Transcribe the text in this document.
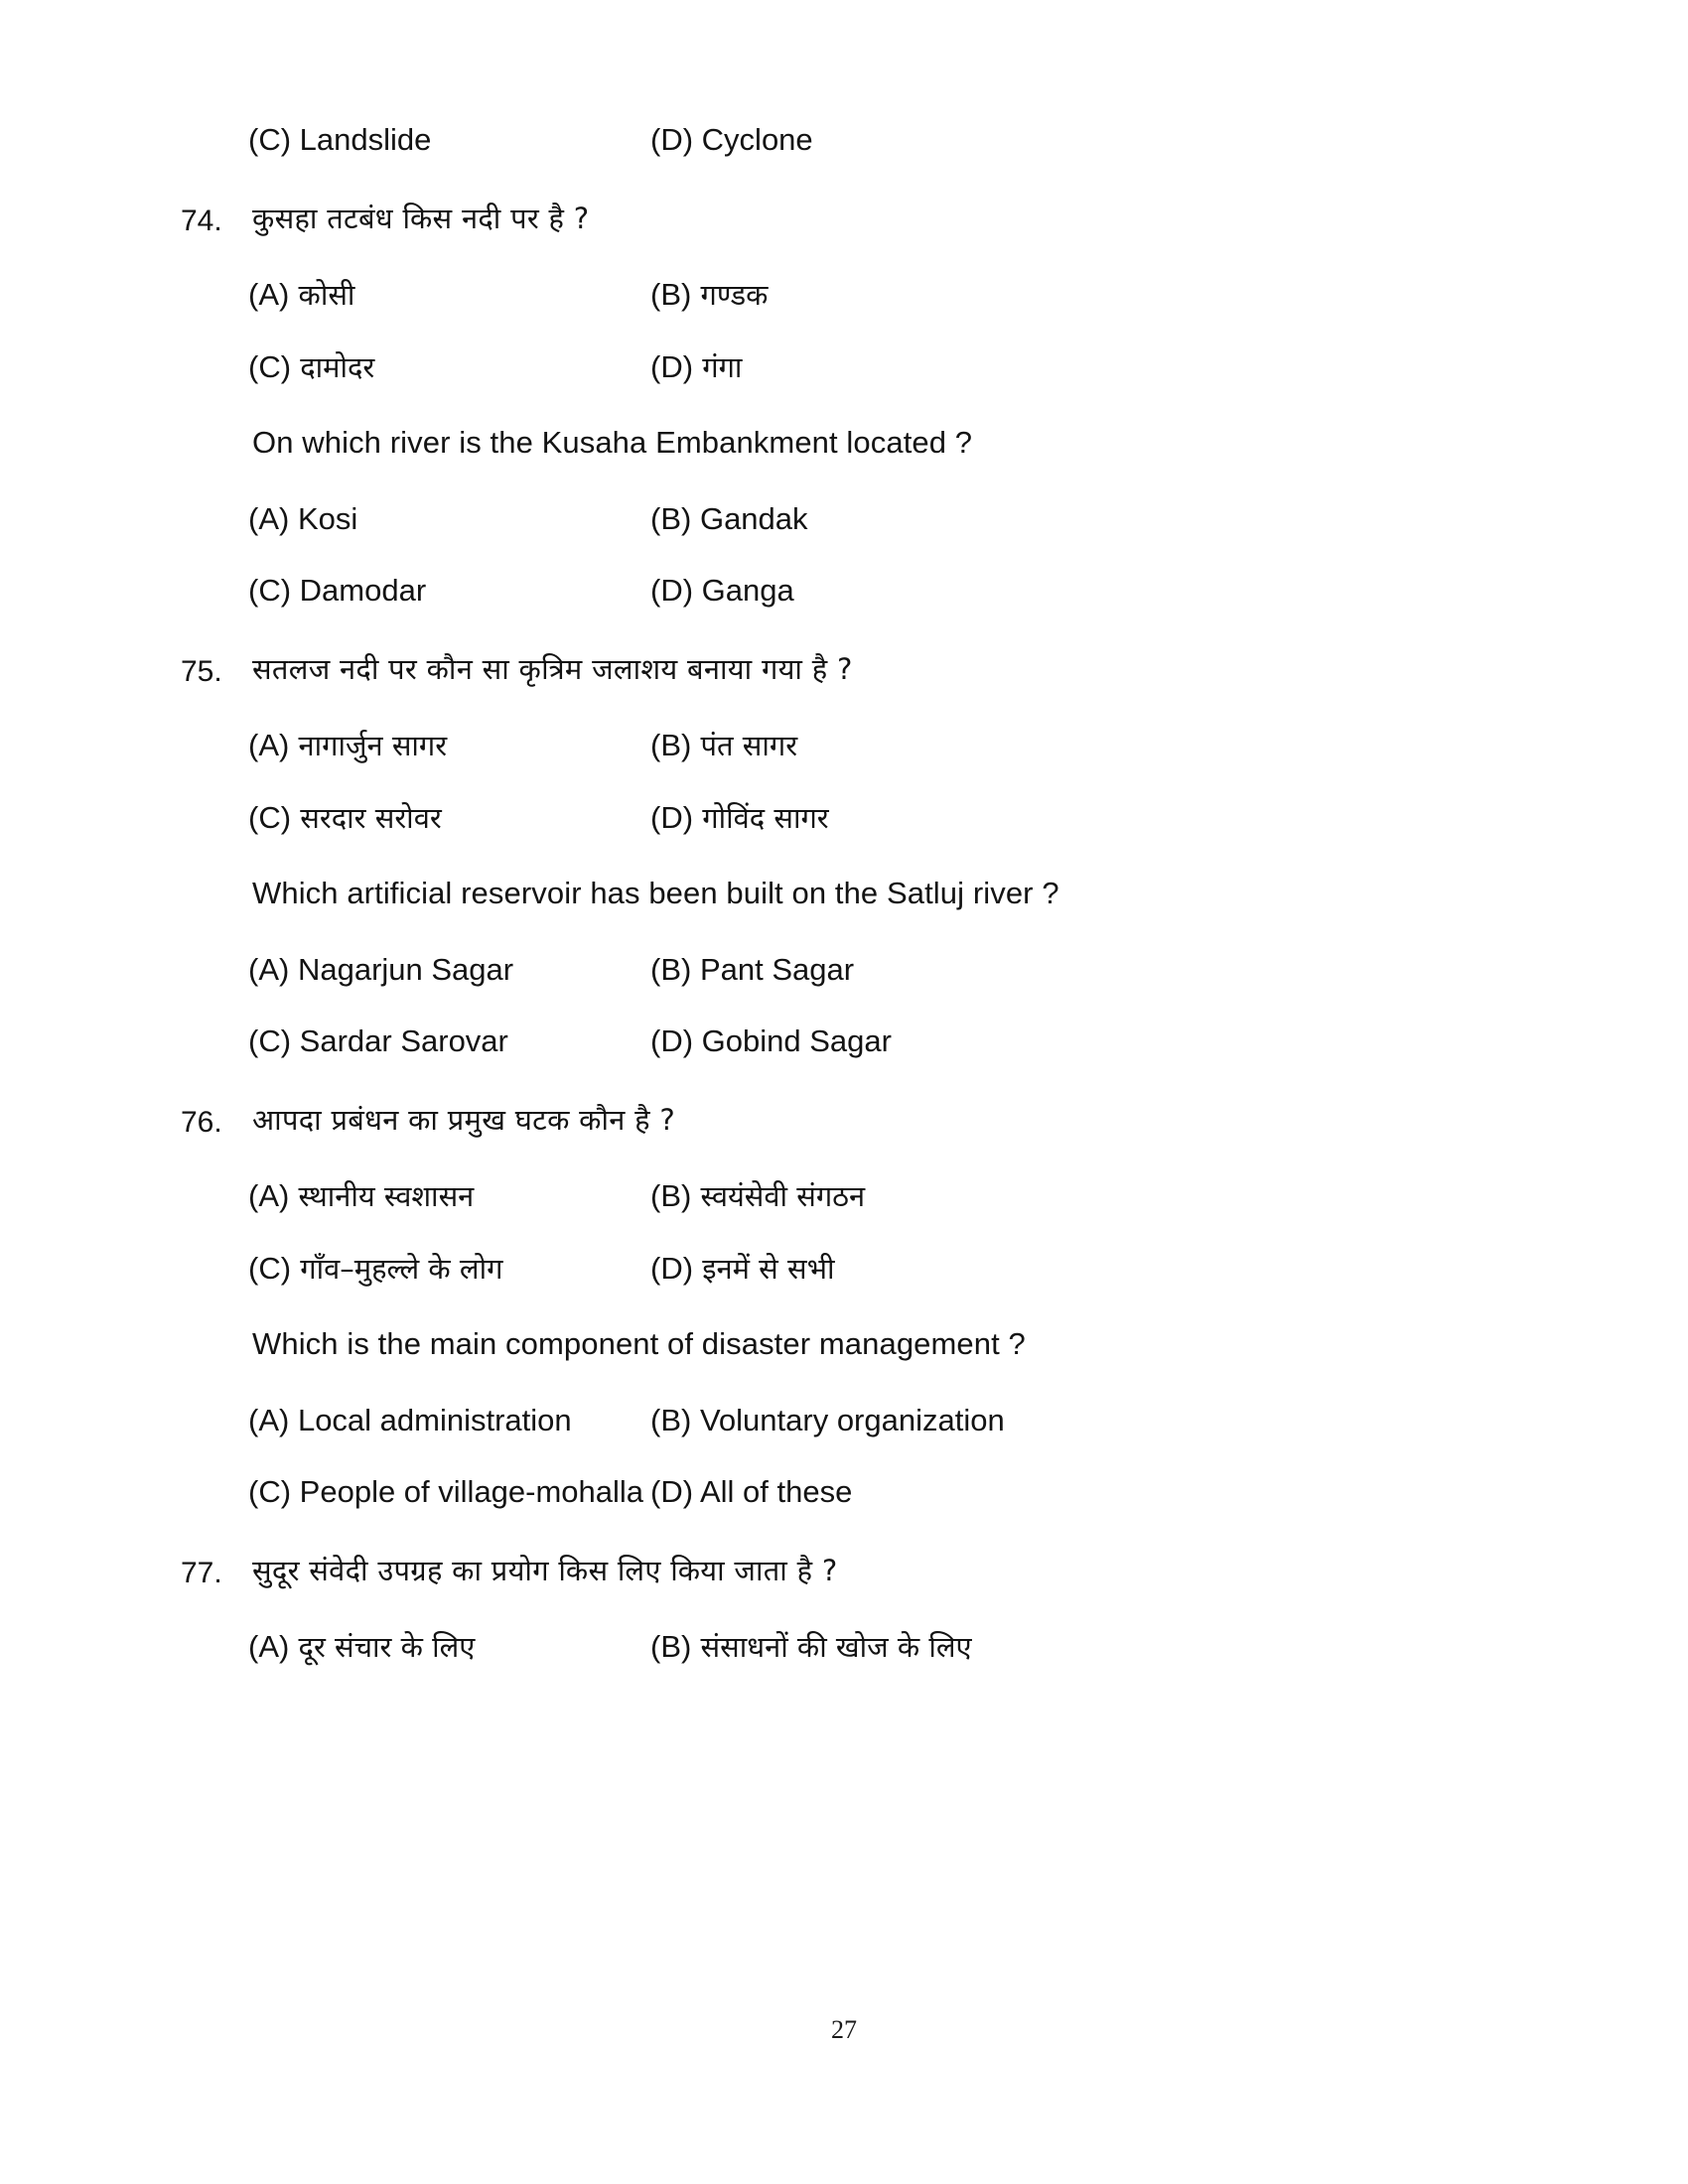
(C) Landslide	(D) Cyclone
74.	कुसहा तटबंध किस नदी पर है ?
(A) कोसी	(B) गण्डक
(C) दामोदर	(D) गंगा
On which river is the Kusaha Embankment located ?
(A) Kosi	(B) Gandak
(C) Damodar	(D) Ganga
75.	सतलज नदी पर कौन सा कृत्रिम जलाशय बनाया गया है ?
(A) नागार्जुन सागर	(B) पंत सागर
(C) सरदार सरोवर	(D) गोविंद सागर
Which artificial reservoir has been built on the Satluj river ?
(A) Nagarjun Sagar	(B) Pant Sagar
(C) Sardar Sarovar	(D) Gobind Sagar
76.	आपदा प्रबंधन का प्रमुख घटक कौन है ?
(A) स्थानीय स्वशासन	(B) स्वयंसेवी संगठन
(C) गाँव–मुहल्ले के लोग	(D) इनमें से सभी
Which is the main component of disaster management ?
(A) Local administration	(B) Voluntary organization
(C) People of village-mohalla (D) All of these
77.	सुदूर संवेदी उपग्रह का प्रयोग किस लिए किया जाता है ?
(A) दूर संचार के लिए	(B) संसाधनों की खोज के लिए
27
